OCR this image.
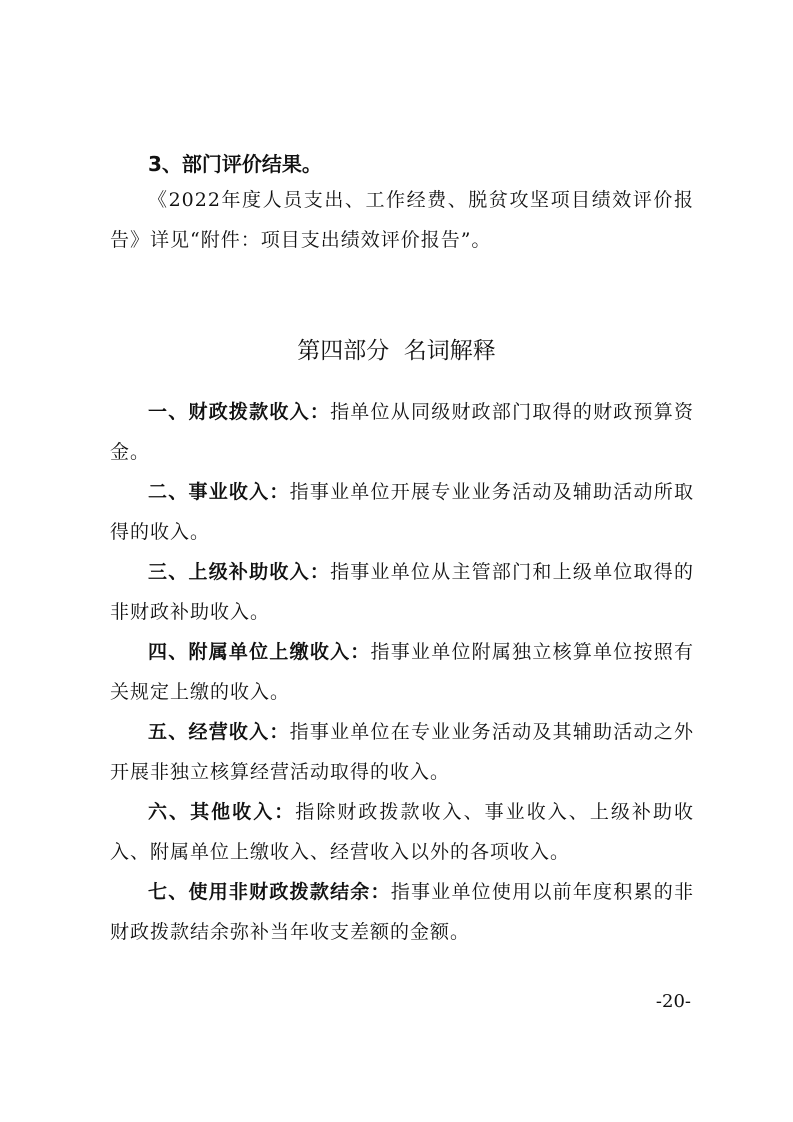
3、部门评价结果。

《2022年度人员支出、工作经费、脱贫攻坚项目绩效评价报告》详见“附件：项目支出绩效评价报告”。

第四部分  名词解释

一、财政拨款收入：指单位从同级财政部门取得的财政预算资金。

二、事业收入：指事业单位开展专业业务活动及辅助活动所取得的收入。

三、上级补助收入：指事业单位从主管部门和上级单位取得的非财政补助收入。

四、附属单位上缴收入：指事业单位附属独立核算单位按照有关规定上缴的收入。

五、经营收入：指事业单位在专业业务活动及其辅助活动之外开展非独立核算经营活动取得的收入。

六、其他收入：指除财政拨款收入、事业收入、上级补助收入、附属单位上缴收入、经营收入以外的各项收入。

七、使用非财政拨款结余：指事业单位使用以前年度积累的非财政拨款结余弥补当年收支差额的金额。

-20-
